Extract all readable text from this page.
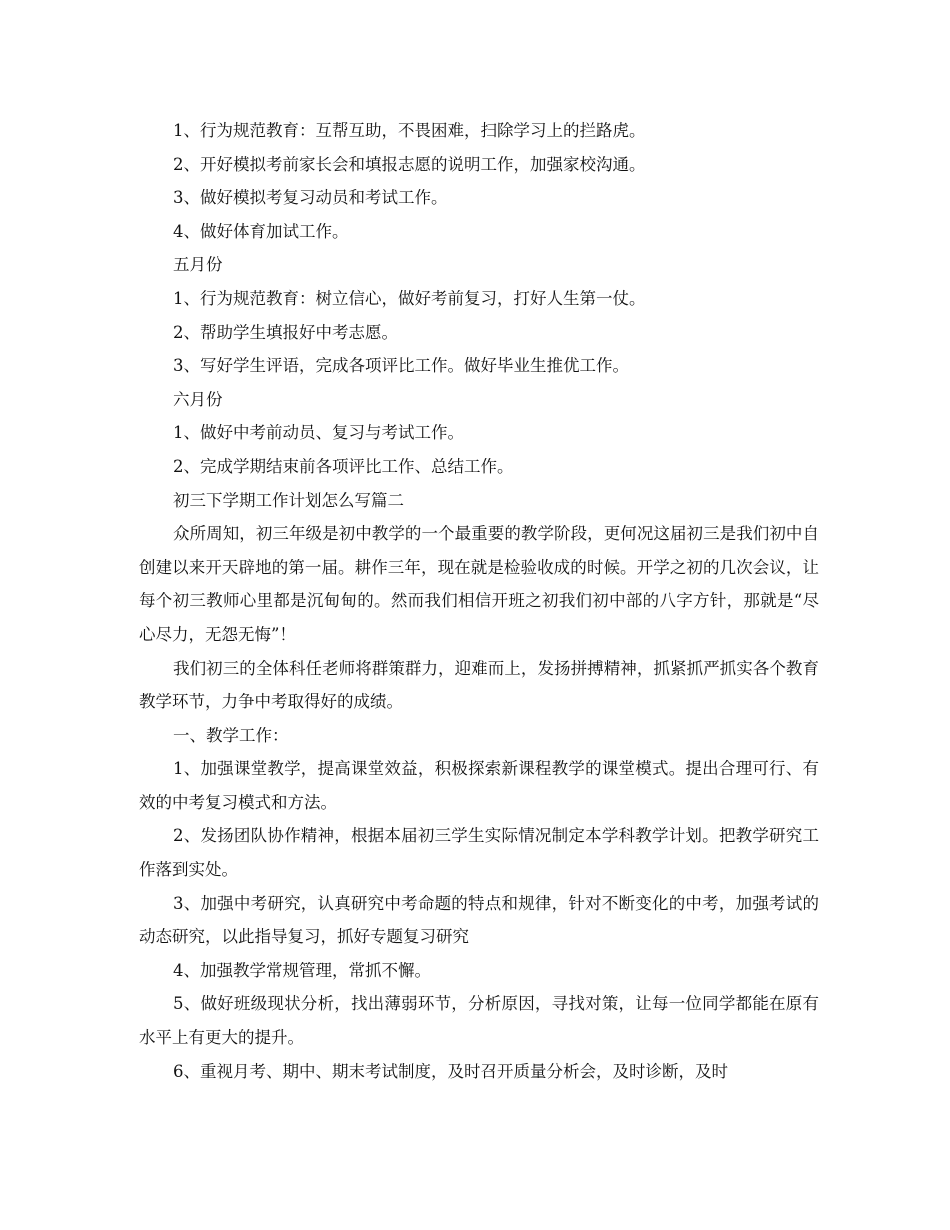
1、行为规范教育：互帮互助，不畏困难，扫除学习上的拦路虎。

2、开好模拟考前家长会和填报志愿的说明工作，加强家校沟通。

3、做好模拟考复习动员和考试工作。

4、做好体育加试工作。

五月份

1、行为规范教育：树立信心，做好考前复习，打好人生第一仗。

2、帮助学生填报好中考志愿。

3、写好学生评语，完成各项评比工作。做好毕业生推优工作。

六月份

1、做好中考前动员、复习与考试工作。

2、完成学期结束前各项评比工作、总结工作。

初三下学期工作计划怎么写篇二

众所周知，初三年级是初中教学的一个最重要的教学阶段，更何况这届初三是我们初中自创建以来开天辟地的第一届。耕作三年，现在就是检验收成的时候。开学之初的几次会议，让每个初三教师心里都是沉甸甸的。然而我们相信开班之初我们初中部的八字方针，那就是“尽心尽力，无怨无悔”！

我们初三的全体科任老师将群策群力，迎难而上，发扬拼搏精神，抓紧抓严抓实各个教育教学环节，力争中考取得好的成绩。

一、教学工作：

1、加强课堂教学，提高课堂效益，积极探索新课程教学的课堂模式。提出合理可行、有效的中考复习模式和方法。

2、发扬团队协作精神，根据本届初三学生实际情况制定本学科教学计划。把教学研究工作落到实处。

3、加强中考研究，认真研究中考命题的特点和规律，针对不断变化的中考，加强考试的动态研究，以此指导复习，抓好专题复习研究

4、加强教学常规管理，常抓不懈。

5、做好班级现状分析，找出薄弱环节，分析原因，寻找对策，让每一位同学都能在原有水平上有更大的提升。

6、重视月考、期中、期末考试制度，及时召开质量分析会，及时诊断，及时
